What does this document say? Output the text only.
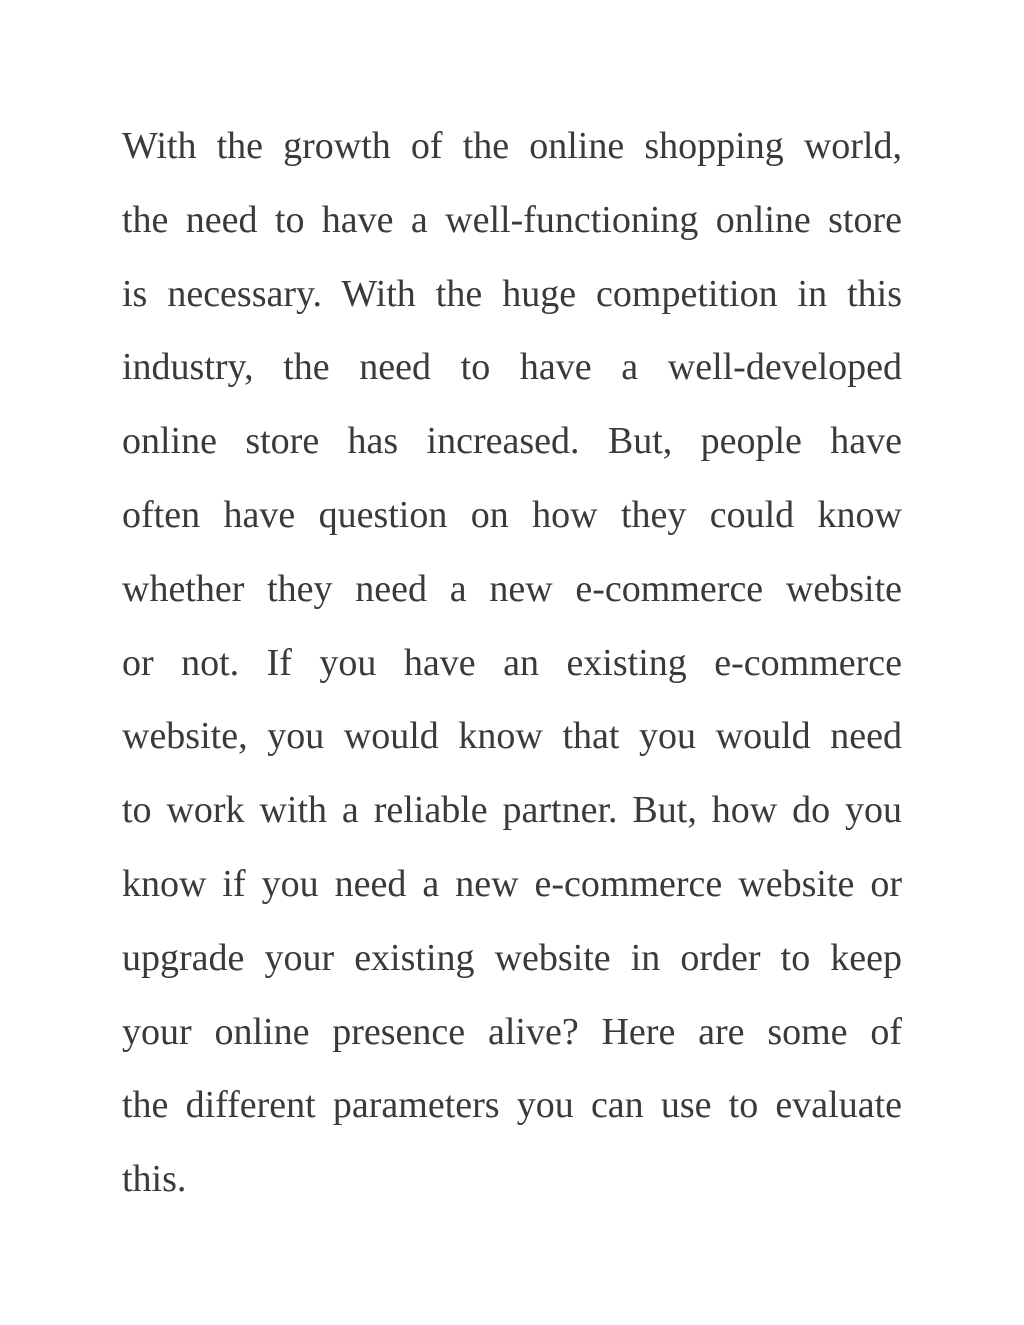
With the growth of the online shopping world,
the need to have a well-functioning online store
is necessary. With the huge competition in this
industry, the need to have a well-developed
online store has increased. But, people have
often have question on how they could know
whether they need a new e-commerce website
or not. If you have an existing e-commerce
website, you would know that you would need
to work with a reliable partner. But, how do you
know if you need a new e-commerce website or
upgrade your existing website in order to keep
your online presence alive? Here are some of
the different parameters you can use to evaluate
this.
